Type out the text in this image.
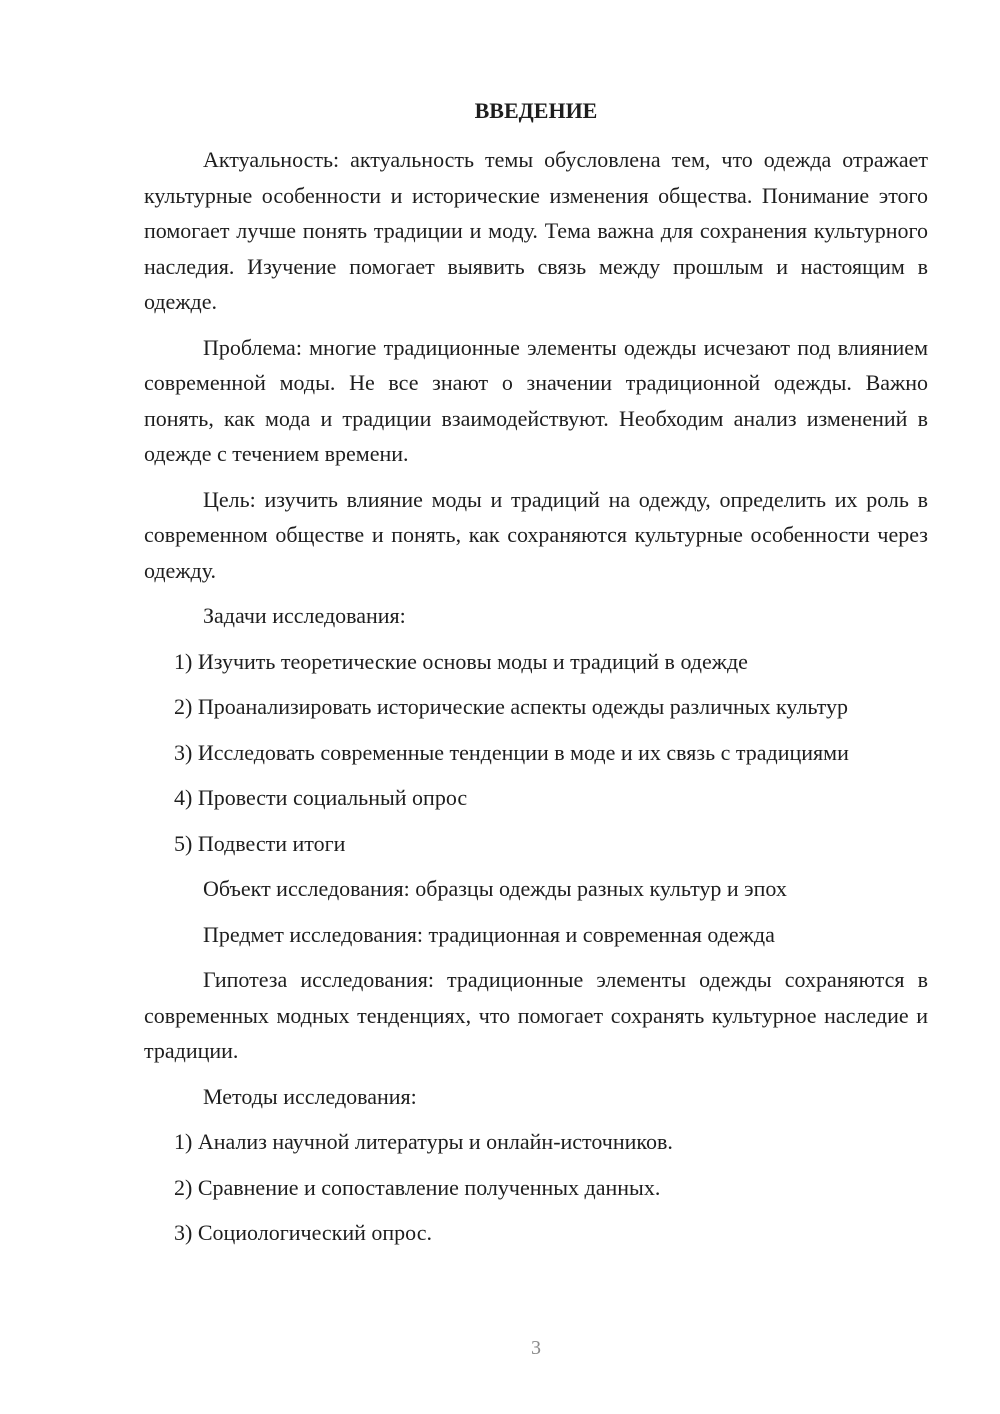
ВВЕДЕНИЕ

Актуальность: актуальность темы обусловлена тем, что одежда отражает культурные особенности и исторические изменения общества. Понимание этого помогает лучше понять традиции и моду. Тема важна для сохранения культурного наследия. Изучение помогает выявить связь между прошлым и настоящим в одежде.

Проблема: многие традиционные элементы одежды исчезают под влиянием современной моды. Не все знают о значении традиционной одежды. Важно понять, как мода и традиции взаимодействуют. Необходим анализ изменений в одежде с течением времени.

Цель: изучить влияние моды и традиций на одежду, определить их роль в современном обществе и понять, как сохраняются культурные особенности через одежду.

Задачи исследования:

1) Изучить теоретические основы моды и традиций в одежде

2) Проанализировать исторические аспекты одежды различных культур

3) Исследовать современные тенденции в моде и их связь с традициями

4) Провести социальный опрос

5) Подвести итоги

Объект исследования: образцы одежды разных культур и эпох

Предмет исследования: традиционная и современная одежда

Гипотеза исследования: традиционные элементы одежды сохраняются в современных модных тенденциях, что помогает сохранять культурное наследие и традиции.

Методы исследования:

1) Анализ научной литературы и онлайн-источников.

2) Сравнение и сопоставление полученных данных.

3) Социологический опрос.

3
